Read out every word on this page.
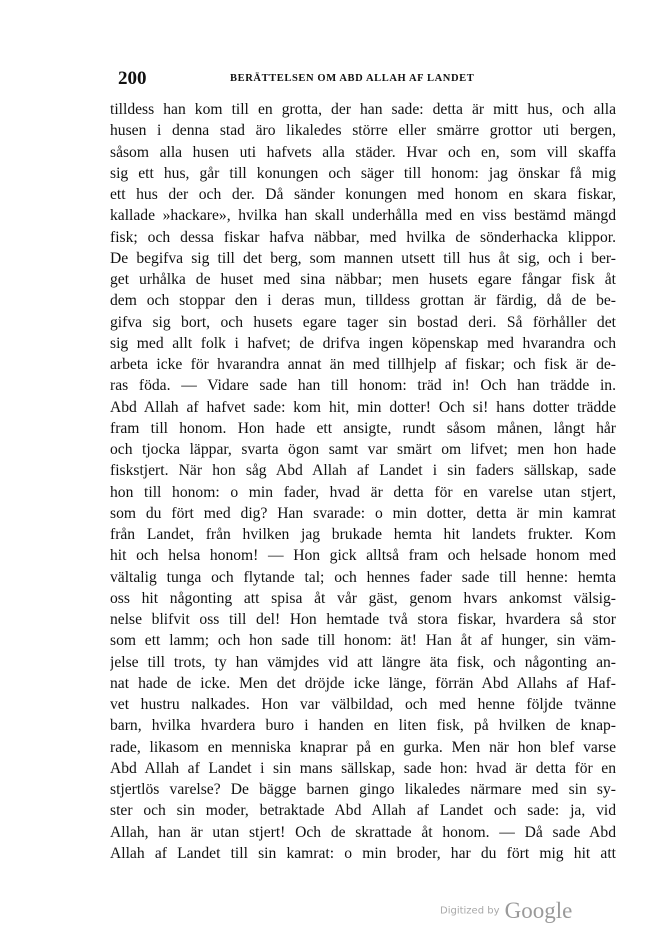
200	BERÄTTELSEN OM ABD ALLAH AF LANDET
tilldess han kom till en grotta, der han sade: detta är mitt hus, och alla
husen i denna stad äro likaledes större eller smärre grottor uti bergen,
såsom alla husen uti hafvets alla städer. Hvar och en, som vill skaffa
sig ett hus, går till konungen och säger till honom: jag önskar få mig
ett hus der och der. Då sänder konungen med honom en skara fiskar,
kallade »hackare», hvilka han skall underhålla med en viss bestämd mängd
fisk; och dessa fiskar hafva näbbar, med hvilka de sönderhacka klippor.
De begifva sig till det berg, som mannen utsett till hus åt sig, och i ber-
get urhålka de huset med sina näbbar; men husets egare fångar fisk åt
dem och stoppar den i deras mun, tilldess grottan är färdig, då de be-
gifva sig bort, och husets egare tager sin bostad deri. Så förhåller det
sig med allt folk i hafvet; de drifva ingen köpenskap med hvarandra och
arbeta icke för hvarandra annat än med tillhjelp af fiskar; och fisk är de-
ras föda. — Vidare sade han till honom: träd in! Och han trädde in.
Abd Allah af hafvet sade: kom hit, min dotter! Och si! hans dotter trädde
fram till honom. Hon hade ett ansigte, rundt såsom månen, långt hår
och tjocka läppar, svarta ögon samt var smärt om lifvet; men hon hade
fiskstjert. När hon såg Abd Allah af Landet i sin faders sällskap, sade
hon till honom: o min fader, hvad är detta för en varelse utan stjert,
som du fört med dig? Han svarade: o min dotter, detta är min kamrat
från Landet, från hvilken jag brukade hemta hit landets frukter. Kom
hit och helsa honom! — Hon gick alltså fram och helsade honom med
vältalig tunga och flytande tal; och hennes fader sade till henne: hemta
oss hit någonting att spisa åt vår gäst, genom hvars ankomst välsig-
nelse blifvit oss till del! Hon hemtade två stora fiskar, hvardera så stor
som ett lamm; och hon sade till honom: ät! Han åt af hunger, sin väm-
jelse till trots, ty han vämjdes vid att längre äta fisk, och någonting an-
nat hade de icke. Men det dröjde icke länge, förrän Abd Allahs af Haf-
vet hustru nalkades. Hon var välbildad, och med henne följde tvänne
barn, hvilka hvardera buro i handen en liten fisk, på hvilken de knap-
rade, likasom en menniska knaprar på en gurka. Men när hon blef varse
Abd Allah af Landet i sin mans sällskap, sade hon: hvad är detta för en
stjertlös varelse? De bägge barnen gingo likaledes närmare med sin sy-
ster och sin moder, betraktade Abd Allah af Landet och sade: ja, vid
Allah, han är utan stjert! Och de skrattade åt honom. — Då sade Abd
Allah af Landet till sin kamrat: o min broder, har du fört mig hit att
Digitized by Google
